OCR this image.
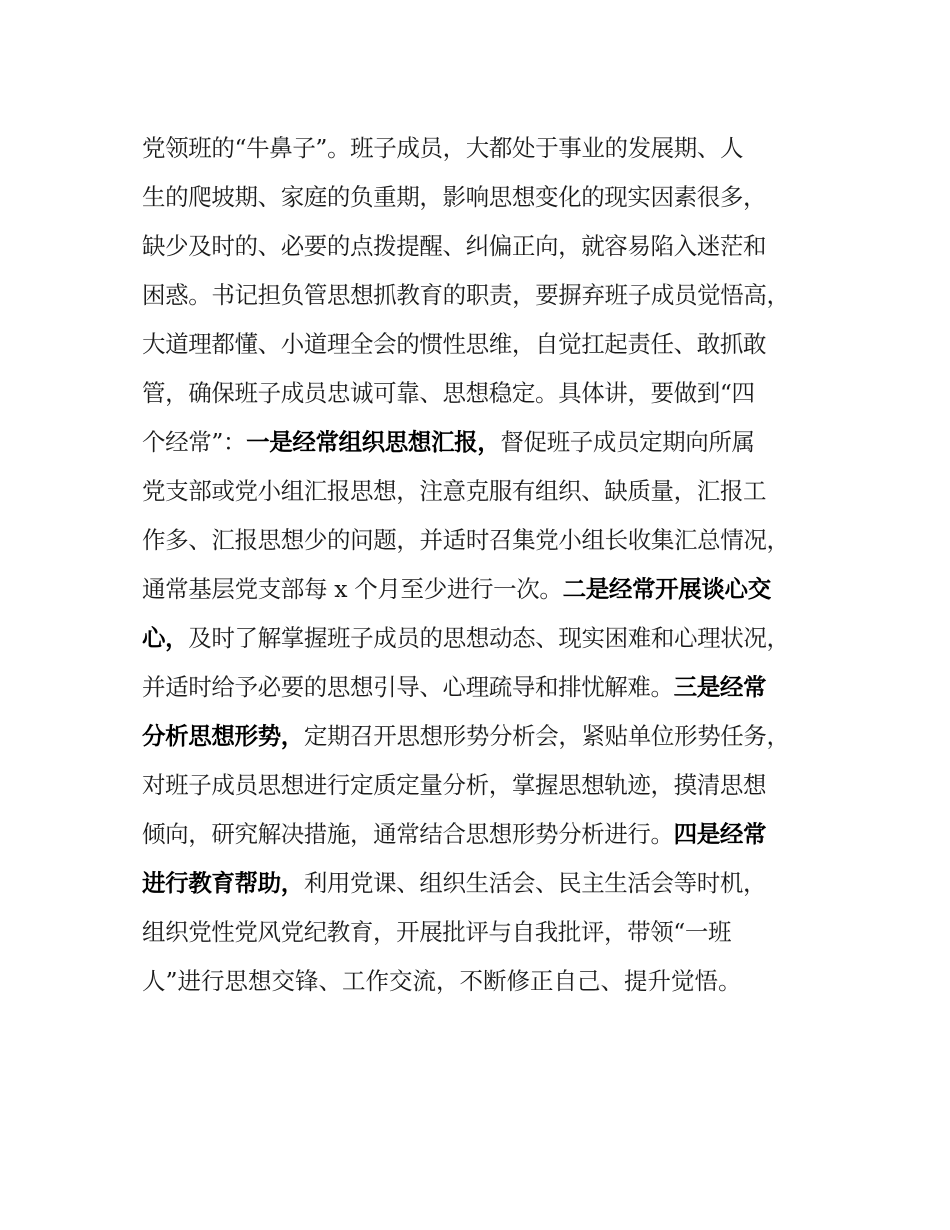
党领班的“牛鼻子”。班子成员，大都处于事业的发展期、人
生的爬坡期、家庭的负重期，影响思想变化的现实因素很多，
缺少及时的、必要的点拨提醒、纠偏正向，就容易陷入迷茫和
困惑。书记担负管思想抓教育的职责，要摒弃班子成员觉悟高，
大道理都懂、小道理全会的惯性思维，自觉扛起责任、敢抓敢
管，确保班子成员忠诚可靠、思想稳定。具体讲，要做到“四
个经常”：一是经常组织思想汇报，督促班子成员定期向所属
党支部或党小组汇报思想，注意克服有组织、缺质量，汇报工
作多、汇报思想少的问题，并适时召集党小组长收集汇总情况，
通常基层党支部每 x 个月至少进行一次。二是经常开展谈心交
心，及时了解掌握班子成员的思想动态、现实困难和心理状况，
并适时给予必要的思想引导、心理疏导和排忧解难。三是经常
分析思想形势，定期召开思想形势分析会，紧贴单位形势任务，
对班子成员思想进行定质定量分析，掌握思想轨迹，摸清思想
倾向，研究解决措施，通常结合思想形势分析进行。四是经常
进行教育帮助，利用党课、组织生活会、民主生活会等时机，
组织党性党风党纪教育，开展批评与自我批评，带领“一班
人”进行思想交锋、工作交流，不断修正自己、提升觉悟。
